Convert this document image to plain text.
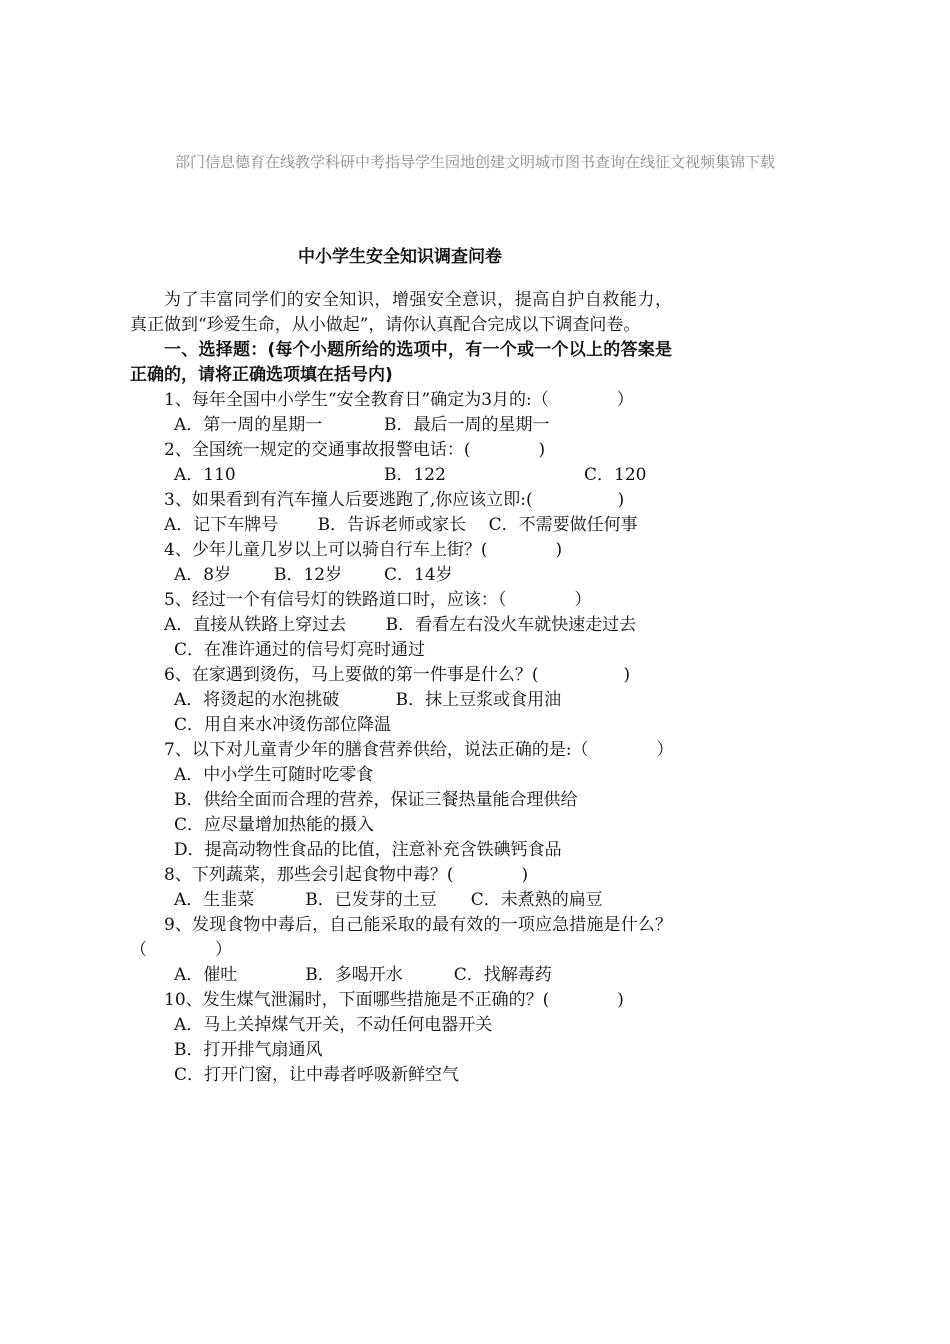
部门信息德育在线教学科研中考指导学生园地创建文明城市图书查询在线征文视频集锦下载
中小学生安全知识调查问卷

为了丰富同学们的安全知识，增强安全意识，提高自护自救能力，真正做到“珍爱生命，从小做起”，请你认真配合完成以下调查问卷。

一、选择题：(每个小题所给的选项中，有一个或一个以上的答案是正确的，请将正确选项填在括号内)

1、每年全国中小学生“安全教育日”确定为3月的:（　　　　）

A．第一周的星期一	B．最后一周的星期一

2、全国统一规定的交通事故报警电话：(　　　　)

A．110	B．122	C．120

3、如果看到有汽车撞人后要逃跑了,你应该立即:(　　　　　)

A．记下车牌号　　 B．告诉老师或家长　 C．不需要做任何事

4、少年儿童几岁以上可以骑自行车上街？(　　　　)

A．8岁	B．12岁	C．14岁

5、经过一个有信号灯的铁路道口时，应该：（　　　　）

A．直接从铁路上穿过去　　 B．看看左右没火车就快速走过去

C．在准许通过的信号灯亮时通过

6、在家遇到烫伤，马上要做的第一件事是什么？(　　　　　)

A．将烫起的水泡挑破　　　 B．抹上豆浆或食用油
C．用自来水冲烫伤部位降温

7、以下对儿童青少年的膳食营养供给，说法正确的是:（　　　　）

A．中小学生可随时吃零食
B．供给全面而合理的营养，保证三餐热量能合理供给
C．应尽量增加热能的摄入
D．提高动物性食品的比值，注意补充含铁碘钙食品

8、下列蔬菜，那些会引起食物中毒？(　　　　)

A．生韭菜　　　B．已发芽的土豆　　C．未煮熟的扁豆

9、发现食物中毒后，自己能采取的最有效的一项应急措施是什么？（　　　　）

A．催吐　　　　B．多喝开水　　　C．找解毒药

10、发生煤气泄漏时，下面哪些措施是不正确的？(　　　　)

A．马上关掉煤气开关，不动任何电器开关
B．打开排气扇通风
C．打开门窗，让中毒者呼吸新鲜空气
